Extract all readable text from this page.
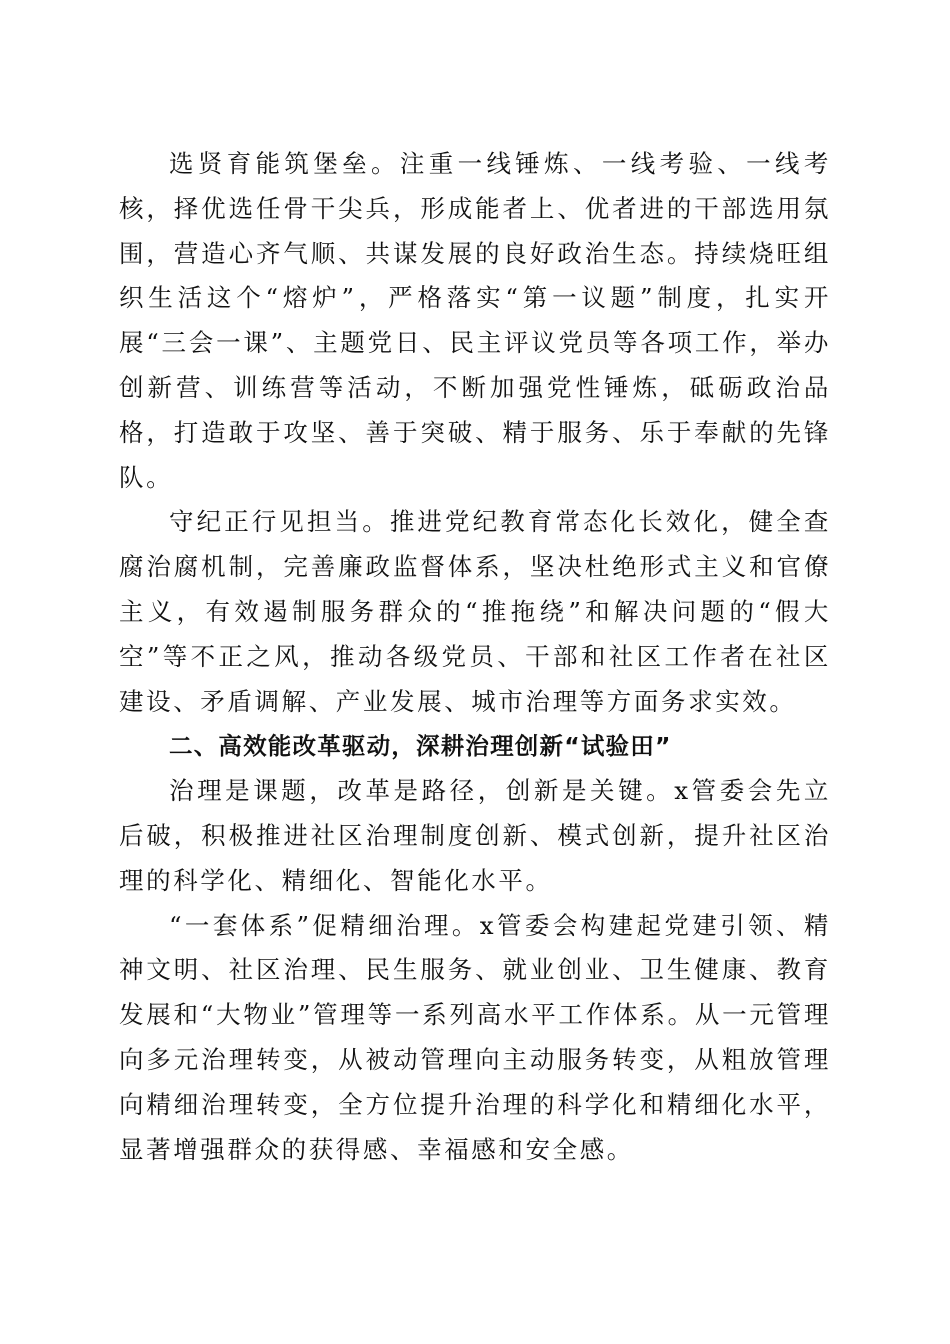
选贤育能筑堡垒。注重一线锤炼、一线考验、一线考核，择优选任骨干尖兵，形成能者上、优者进的干部选用氛围，营造心齐气顺、共谋发展的良好政治生态。持续烧旺组织生活这个“熔炉”，严格落实“第一议题”制度，扎实开展“三会一课”、主题党日、民主评议党员等各项工作，举办创新营、训练营等活动，不断加强党性锤炼，砥砺政治品格，打造敢于攻坚、善于突破、精于服务、乐于奉献的先锋队。

守纪正行见担当。推进党纪教育常态化长效化，健全查腐治腐机制，完善廉政监督体系，坚决杜绝形式主义和官僚主义，有效遏制服务群众的“推拖绕”和解决问题的“假大空”等不正之风，推动各级党员、干部和社区工作者在社区建设、矛盾调解、产业发展、城市治理等方面务求实效。

二、高效能改革驱动，深耕治理创新“试验田”

治理是课题，改革是路径，创新是关键。x管委会先立后破，积极推进社区治理制度创新、模式创新，提升社区治理的科学化、精细化、智能化水平。

“一套体系”促精细治理。x管委会构建起党建引领、精神文明、社区治理、民生服务、就业创业、卫生健康、教育发展和“大物业”管理等一系列高水平工作体系。从一元管理向多元治理转变，从被动管理向主动服务转变，从粗放管理向精细治理转变，全方位提升治理的科学化和精细化水平，显著增强群众的获得感、幸福感和安全感。
